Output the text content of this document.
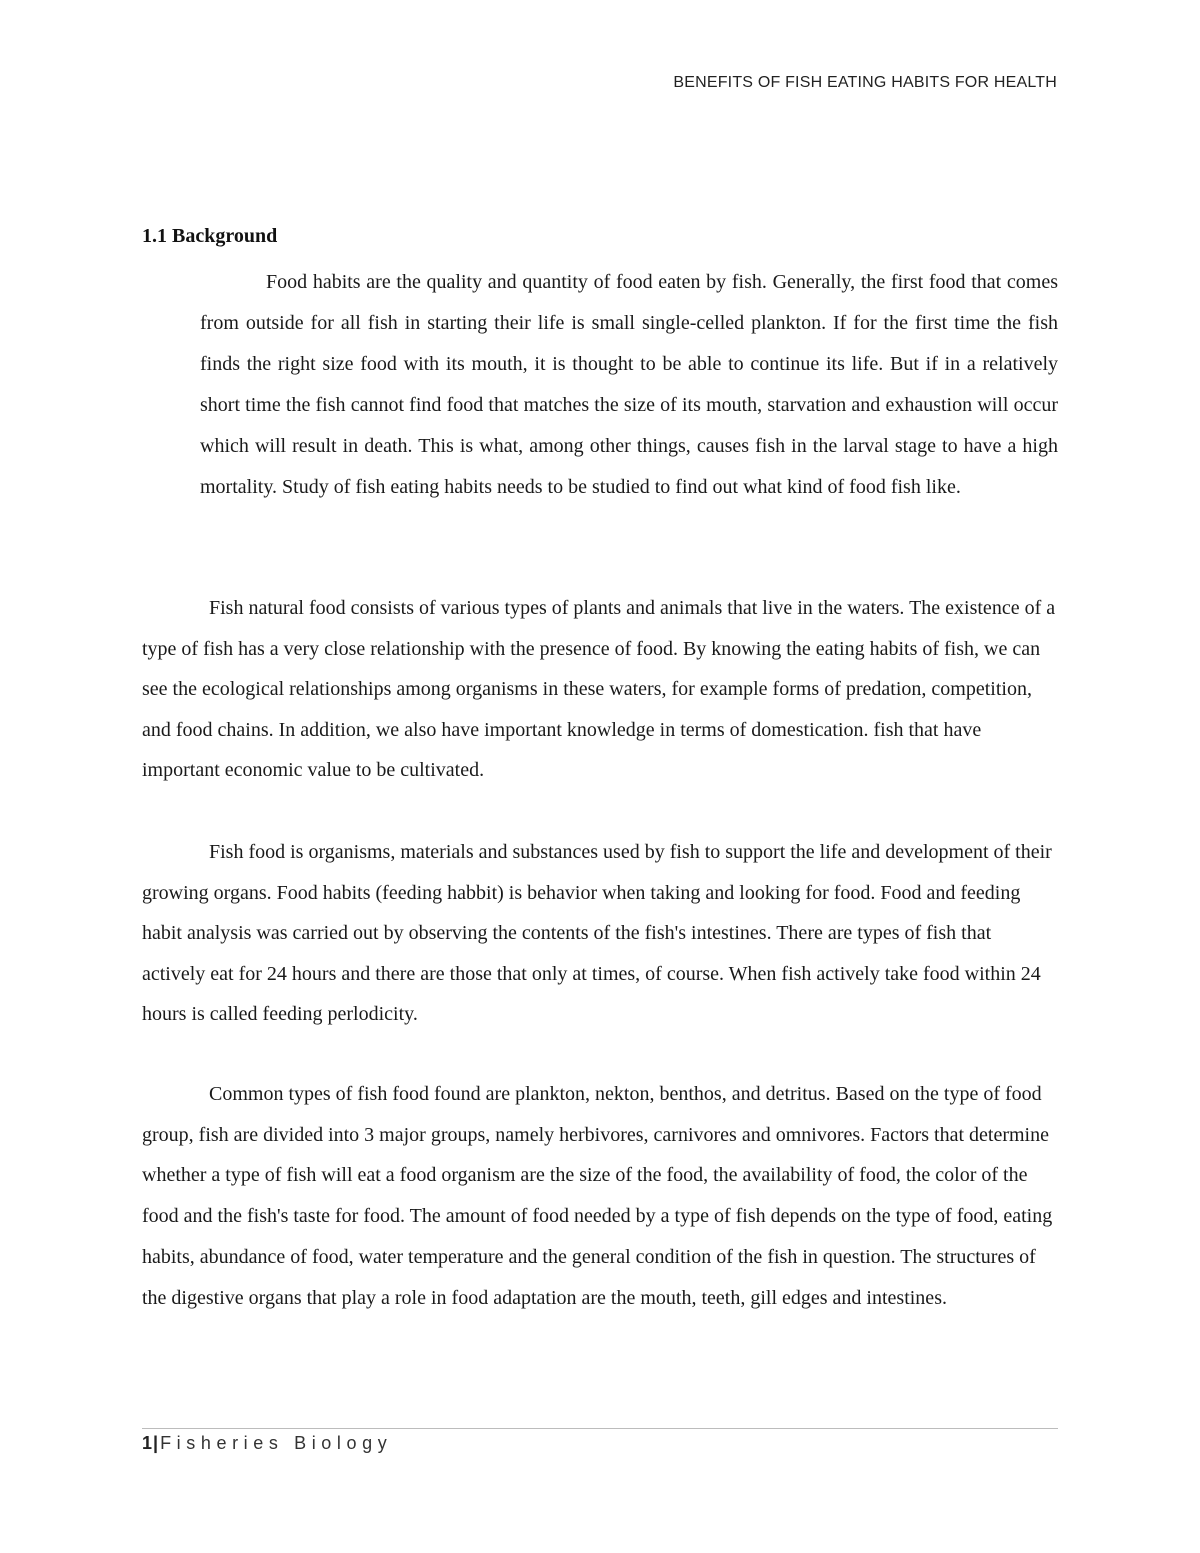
BENEFITS OF FISH EATING HABITS FOR HEALTH
1.1 Background

Food habits are the quality and quantity of food eaten by fish. Generally, the first food that comes from outside for all fish in starting their life is small single-celled plankton. If for the first time the fish finds the right size food with its mouth, it is thought to be able to continue its life. But if in a relatively short time the fish cannot find food that matches the size of its mouth, starvation and exhaustion will occur which will result in death. This is what, among other things, causes fish in the larval stage to have a high mortality. Study of fish eating habits needs to be studied to find out what kind of food fish like.

Fish natural food consists of various types of plants and animals that live in the waters. The existence of a type of fish has a very close relationship with the presence of food. By knowing the eating habits of fish, we can see the ecological relationships among organisms in these waters, for example forms of predation, competition, and food chains. In addition, we also have important knowledge in terms of domestication. fish that have important economic value to be cultivated.

Fish food is organisms, materials and substances used by fish to support the life and development of their growing organs. Food habits (feeding habbit) is behavior when taking and looking for food. Food and feeding habit analysis was carried out by observing the contents of the fish's intestines. There are types of fish that actively eat for 24 hours and there are those that only at times, of course. When fish actively take food within 24 hours is called feeding perlodicity.

Common types of fish food found are plankton, nekton, benthos, and detritus. Based on the type of food group, fish are divided into 3 major groups, namely herbivores, carnivores and omnivores. Factors that determine whether a type of fish will eat a food organism are the size of the food, the availability of food, the color of the food and the fish's taste for food. The amount of food needed by a type of fish depends on the type of food, eating habits, abundance of food, water temperature and the general condition of the fish in question. The structures of the digestive organs that play a role in food adaptation are the mouth, teeth, gill edges and intestines.

1| Fisheries Biology
